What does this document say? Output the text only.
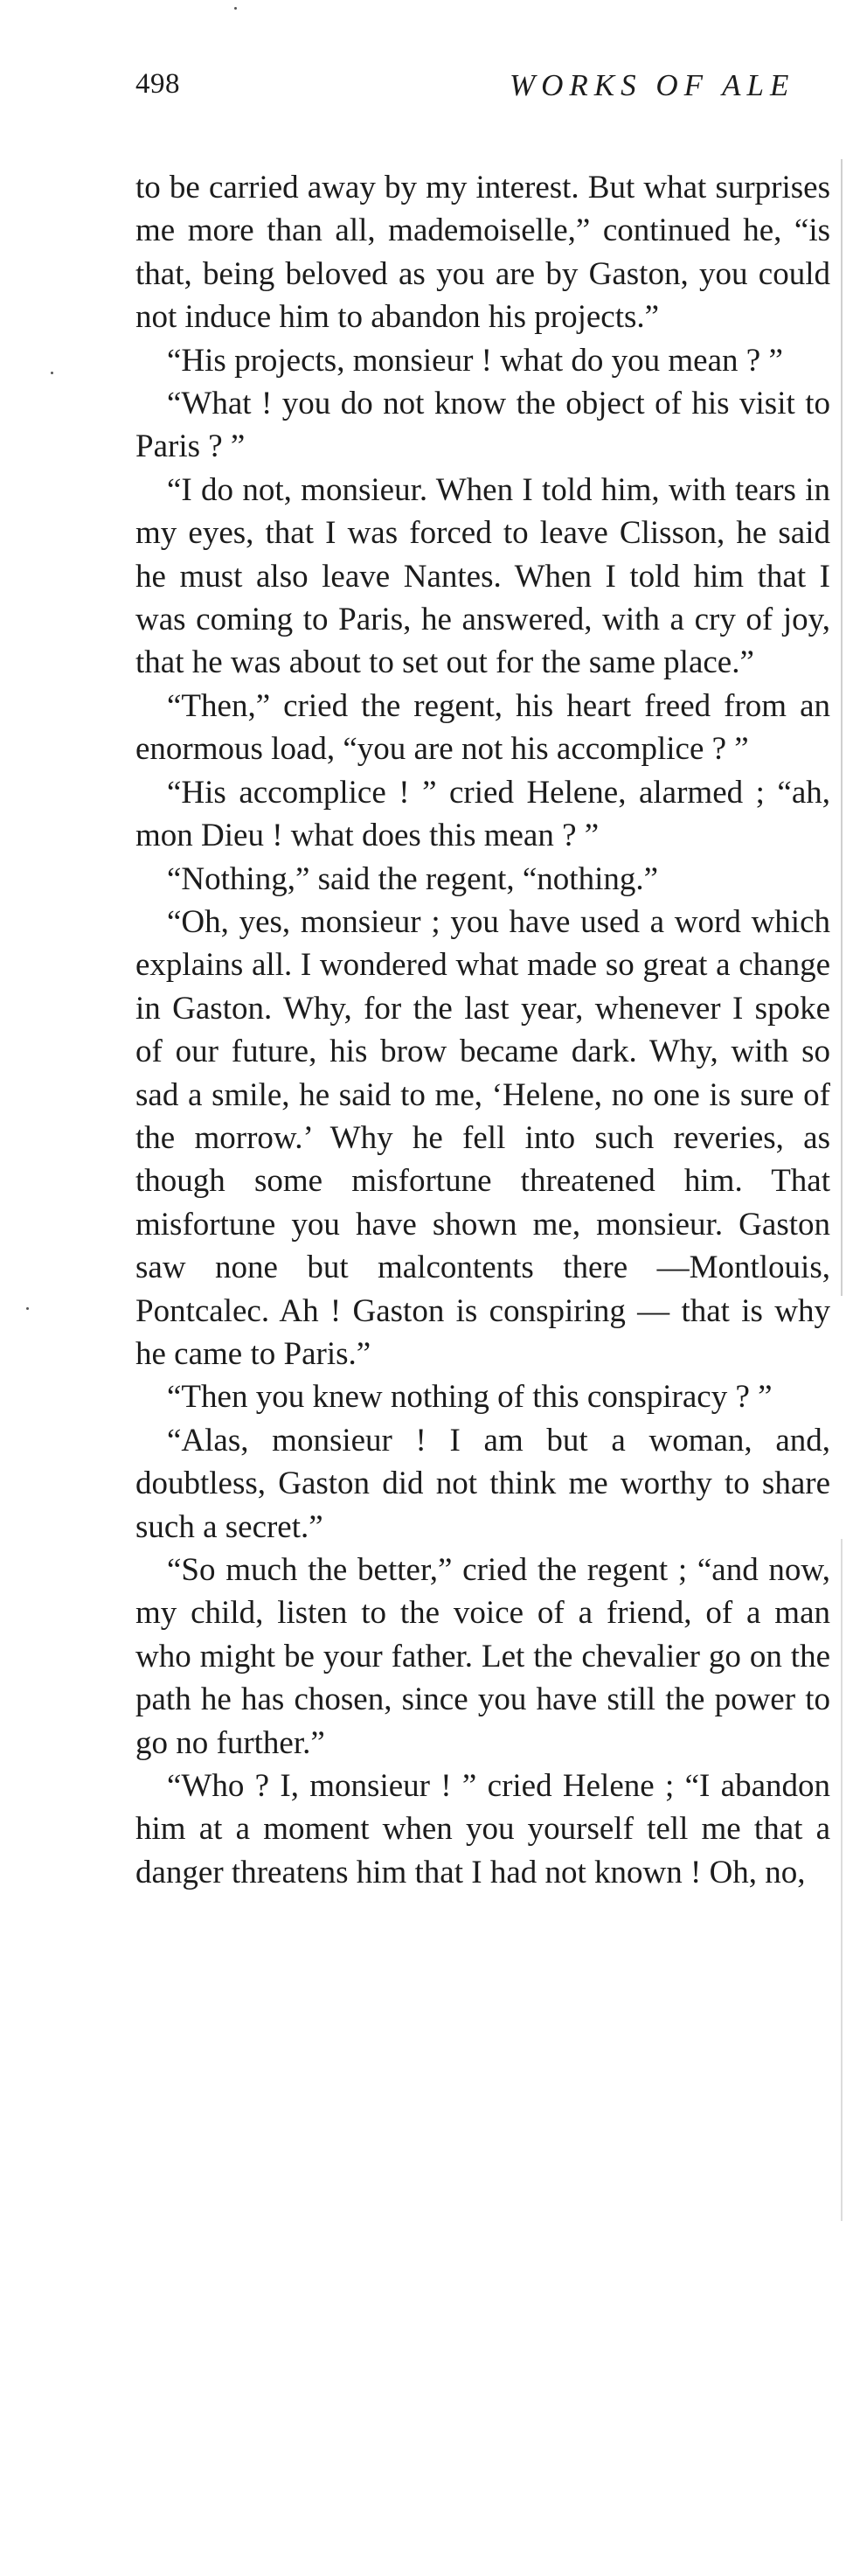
498	WORKS OF ALE

to be carried away by my interest. But what surprises me more than all, mademoiselle,” continued he, “is that, being beloved as you are by Gaston, you could not induce him to abandon his projects.”

“His projects, monsieur ! what do you mean ? ”

“What ! you do not know the object of his visit to Paris ? ”

“I do not, monsieur. When I told him, with tears in my eyes, that I was forced to leave Clisson, he said he must also leave Nantes. When I told him that I was coming to Paris, he answered, with a cry of joy, that he was about to set out for the same place.”

“Then,” cried the regent, his heart freed from an enormous load, “you are not his accomplice ? ”

“His accomplice ! ” cried Helene, alarmed ; “ah, mon Dieu ! what does this mean ? ”

“Nothing,” said the regent, “nothing.”

“Oh, yes, monsieur ; you have used a word which explains all. I wondered what made so great a change in Gaston. Why, for the last year, whenever I spoke of our future, his brow became dark. Why, with so sad a smile, he said to me, ‘Helene, no one is sure of the morrow.’ Why he fell into such reveries, as though some misfortune threatened him. That misfortune you have shown me, monsieur. Gaston saw none but malcontents there —Montlouis, Pontcalec. Ah ! Gaston is conspiring — that is why he came to Paris.”

“Then you knew nothing of this conspiracy ? ”

“Alas, monsieur ! I am but a woman, and, doubtless, Gaston did not think me worthy to share such a secret.”

“So much the better,” cried the regent ; “and now, my child, listen to the voice of a friend, of a man who might be your father. Let the chevalier go on the path he has chosen, since you have still the power to go no further.”

“Who ? I, monsieur ! ” cried Helene ; “I abandon him at a moment when you yourself tell me that a danger threatens him that I had not known ! Oh, no,
